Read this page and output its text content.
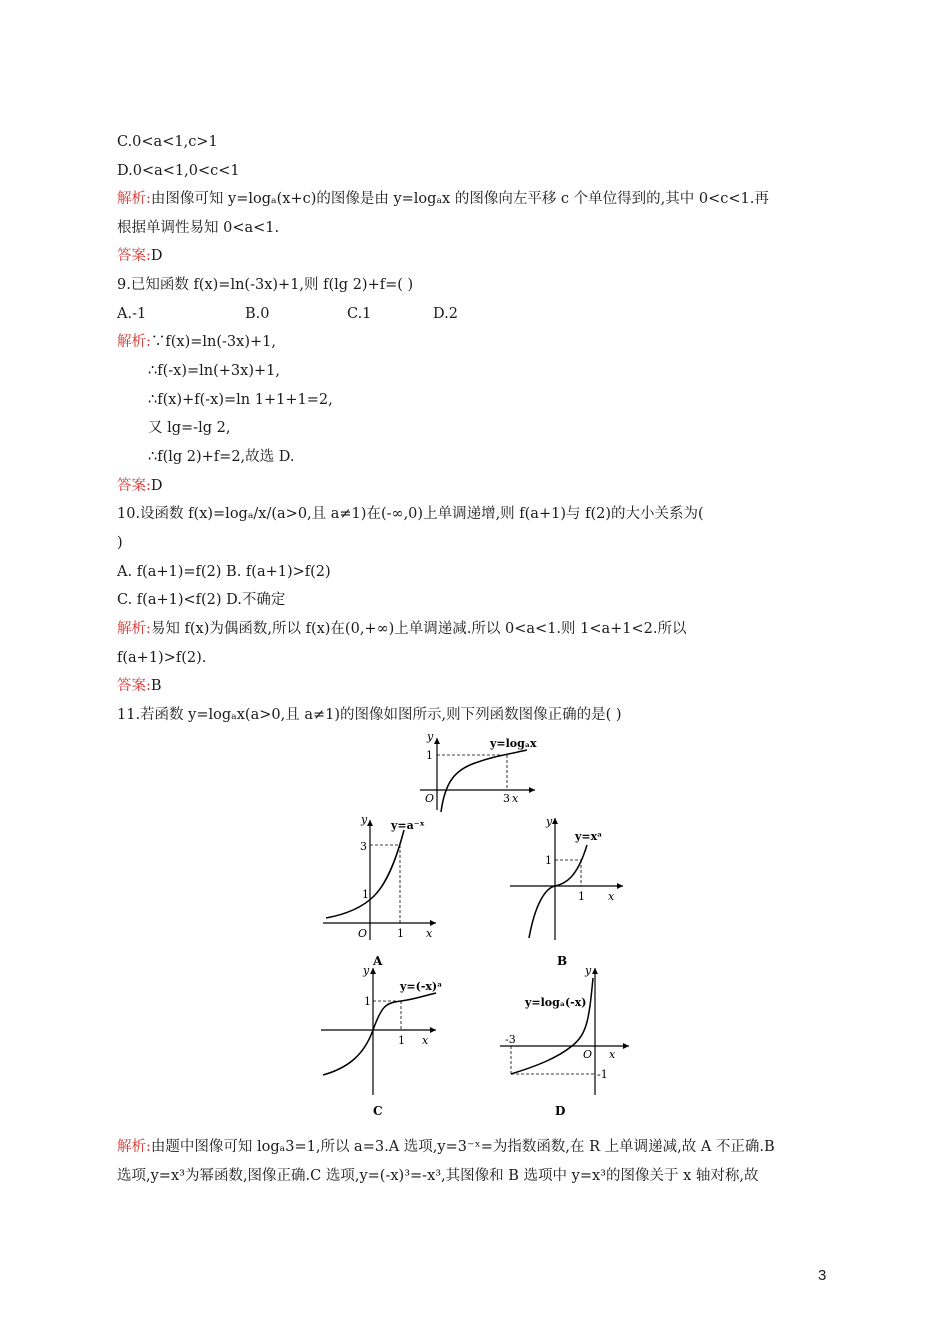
C.0<a<1,c>1
D.0<a<1,0<c<1
解析:由图像可知 y=logₐ(x+c)的图像是由 y=logₐx 的图像向左平移 c 个单位得到的,其中 0<c<1.再
根据单调性易知 0<a<1.
答案:D
9.已知函数 f(x)=ln(-3x)+1,则 f(lg 2)+f=( )
A.-1	B.0	C.1	D.2
解析:∵f(x)=ln(-3x)+1,
∴f(-x)=ln(+3x)+1,
∴f(x)+f(-x)=ln 1+1+1=2,
又 lg=-lg 2,
∴f(lg 2)+f=2,故选 D.
答案:D
10.设函数 f(x)=logₐ/x/(a>0,且 a≠1)在(-∞,0)上单调递增,则 f(a+1)与 f(2)的大小关系为(
)
A. f(a+1)=f(2) B. f(a+1)>f(2)
C. f(a+1)<f(2) D.不确定
解析:易知 f(x)为偶函数,所以 f(x)在(0,+∞)上单调递减.所以 0<a<1.则 1<a+1<2.所以
f(a+1)>f(2).
答案:B
11.若函数 y=logₐx(a>0,且 a≠1)的图像如图所示,则下列函数图像正确的是( )
y
1
O	3 x
y=logₐx
y
3
1
O	1 x
y=a⁻ˣ
A
y
1
1 x
y=xᵃ
B
y
1
1 x
y=(-x)ᵃ
C
y
-3
-1
O x
y=logₐ(-x)
D
解析:由题中图像可知 logₐ3=1,所以 a=3.A 选项,y=3⁻ˣ=为指数函数,在 R 上单调递减,故 A 不正确.B
选项,y=x³为幂函数,图像正确.C 选项,y=(-x)³=-x³,其图像和 B 选项中 y=x³的图像关于 x 轴对称,故
3
